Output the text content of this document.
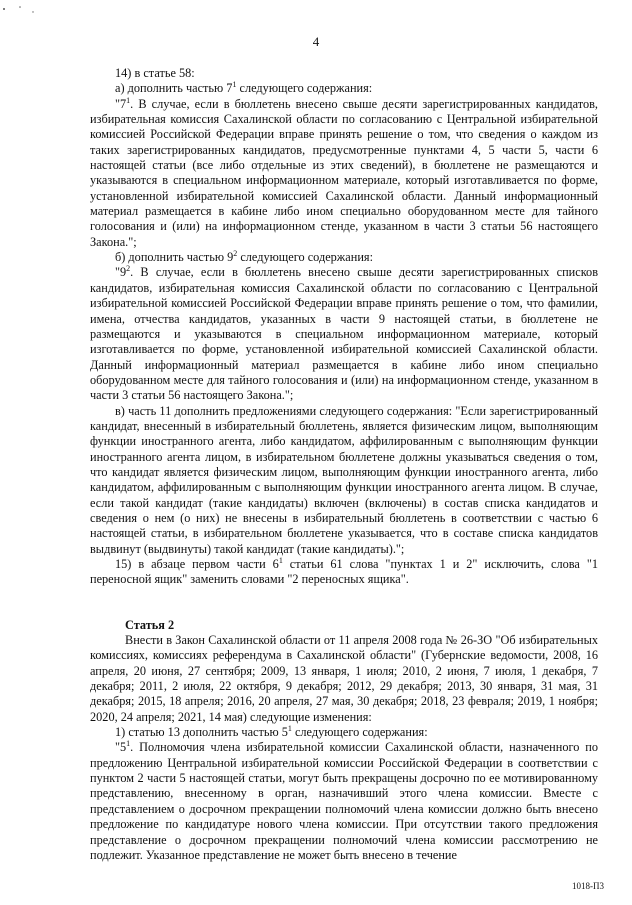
4

14) в статье 58:

а) дополнить частью $7^1$ следующего содержания:

"$7^1$. В случае, если в бюллетень внесено свыше десяти зарегистрированных кандидатов, избирательная комиссия Сахалинской области по согласованию с Центральной избирательной комиссией Российской Федерации вправе принять решение о том, что сведения о каждом из таких зарегистрированных кандидатов, предусмотренные пунктами 4, 5 части 5, части 6 настоящей статьи (все либо отдельные из этих сведений), в бюллетене не размещаются и указываются в специальном информационном материале, который изготавливается по форме, установленной избирательной комиссией Сахалинской области. Данный информационный материал размещается в кабине либо ином специально оборудованном месте для тайного голосования и (или) на информационном стенде, указанном в части 3 статьи 56 настоящего Закона.";

б) дополнить частью $9^2$ следующего содержания:

"$9^2$. В случае, если в бюллетень внесено свыше десяти зарегистрированных списков кандидатов, избирательная комиссия Сахалинской области по согласованию с Центральной избирательной комиссией Российской Федерации вправе принять решение о том, что фамилии, имена, отчества кандидатов, указанных в части 9 настоящей статьи, в бюллетене не размещаются и указываются в специальном информационном материале, который изготавливается по форме, установленной избирательной комиссией Сахалинской области. Данный информационный материал размещается в кабине либо ином специально оборудованном месте для тайного голосования и (или) на информационном стенде, указанном в части 3 статьи 56 настоящего Закона.";

в) часть 11 дополнить предложениями следующего содержания: "Если зарегистрированный кандидат, внесенный в избирательный бюллетень, является физическим лицом, выполняющим функции иностранного агента, либо кандидатом, аффилированным с выполняющим функции иностранного агента лицом, в избирательном бюллетене должны указываться сведения о том, что кандидат является физическим лицом, выполняющим функции иностранного агента, либо кандидатом, аффилированным с выполняющим функции иностранного агента лицом. В случае, если такой кандидат (такие кандидаты) включен (включены) в состав списка кандидатов и сведения о нем (о них) не внесены в избирательный бюллетень в соответствии с частью 6 настоящей статьи, в избирательном бюллетене указывается, что в составе списка кандидатов выдвинут (выдвинуты) такой кандидат (такие кандидаты).";

15) в абзаце первом части $6^1$ статьи 61 слова "пунктах 1 и 2" исключить, слова "1 переносной ящик" заменить словами "2 переносных ящика".

Статья 2

Внести в Закон Сахалинской области от 11 апреля 2008 года № 26-ЗО "Об избирательных комиссиях, комиссиях референдума в Сахалинской области" (Губернские ведомости, 2008, 16 апреля, 20 июня, 27 сентября; 2009, 13 января, 1 июля; 2010, 2 июня, 7 июля, 1 декабря, 7 декабря; 2011, 2 июля, 22 октября, 9 декабря; 2012, 29 декабря; 2013, 30 января, 31 мая, 31 декабря; 2015, 18 апреля; 2016, 20 апреля, 27 мая, 30 декабря; 2018, 23 февраля; 2019, 1 ноября; 2020, 24 апреля; 2021, 14 мая) следующие изменения:

1) статью 13 дополнить частью $5^1$ следующего содержания:

"$5^1$. Полномочия члена избирательной комиссии Сахалинской области, назначенного по предложению Центральной избирательной комиссии Российской Федерации в соответствии с пунктом 2 части 5 настоящей статьи, могут быть прекращены досрочно по ее мотивированному представлению, внесенному в орган, назначивший этого члена комиссии. Вместе с представлением о досрочном прекращении полномочий члена комиссии должно быть внесено предложение по кандидатуре нового члена комиссии. При отсутствии такого предложения представление о досрочном прекращении полномочий члена комиссии рассмотрению не подлежит. Указанное представление не может быть внесено в течение

1018-П3
